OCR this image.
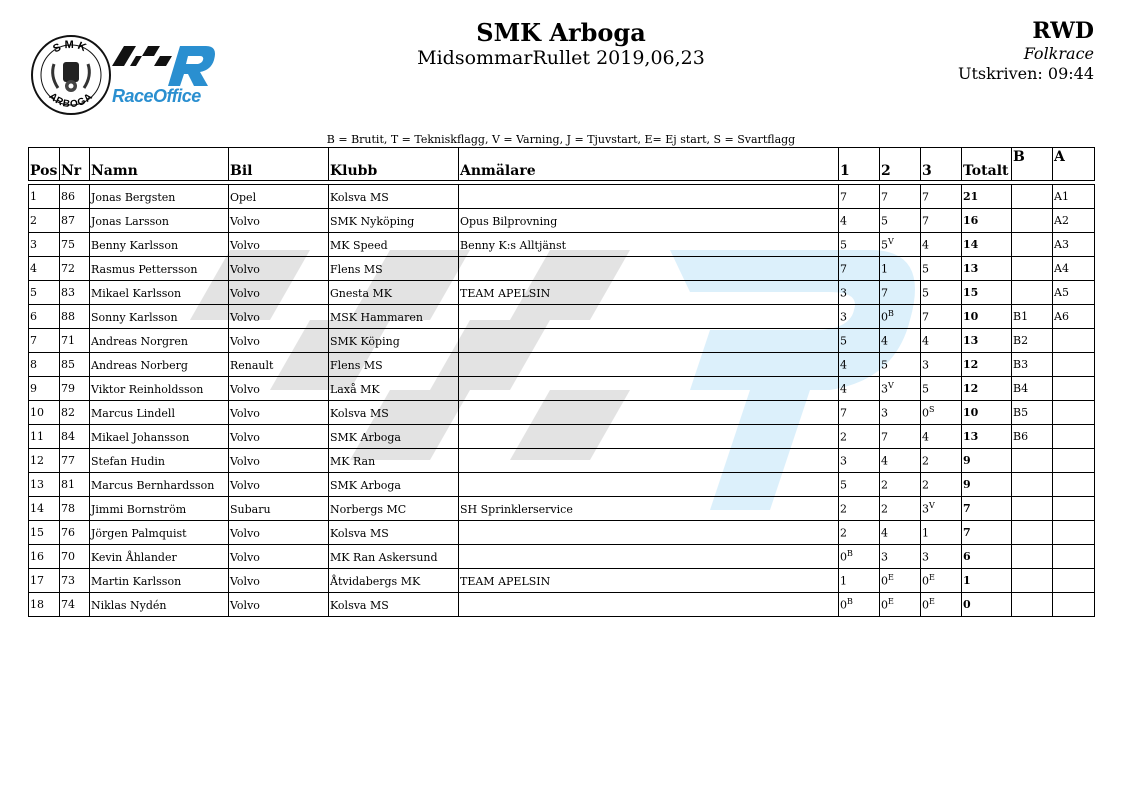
SMK
ARBOGA RaceOffice
SMK Arboga
MidsommarRullet 2019,06,23
RWD
Folkrace
Utskriven: 09:44
B = Brutit, T = Tekniskflagg, V = Varning, J = Tjuvstart, E= Ej start, S = Svartflagg
Pos	Nr	Namn	Bil	Klubb	Anmälare	1	2	3	Totalt	B	A

1	86	Jonas Bergsten	Opel	Kolsva MS		7	7	7	21		A1
2	87	Jonas Larsson	Volvo	SMK Nyköping	Opus Bilprovning	4	5	7	16		A2
3	75	Benny Karlsson	Volvo	MK Speed	Benny K:s Alltjänst	5	$5^V$	4	14		A3
4	72	Rasmus Pettersson	Volvo	Flens MS		7	1	5	13		A4
5	83	Mikael Karlsson	Volvo	Gnesta MK	TEAM APELSIN	3	7	5	15		A5
6	88	Sonny Karlsson	Volvo	MSK Hammaren		3	$0^B$	7	10	B1	A6
7	71	Andreas Norgren	Volvo	SMK Köping		5	4	4	13	B2	
8	85	Andreas Norberg	Renault	Flens MS		4	5	3	12	B3	
9	79	Viktor Reinholdsson	Volvo	Laxå MK		4	$3^V$	5	12	B4	
10	82	Marcus Lindell	Volvo	Kolsva MS		7	3	$0^S$	10	B5	
11	84	Mikael Johansson	Volvo	SMK Arboga		2	7	4	13	B6	
12	77	Stefan Hudin	Volvo	MK Ran		3	4	2	9		
13	81	Marcus Bernhardsson	Volvo	SMK Arboga		5	2	2	9		
14	78	Jimmi Bornström	Subaru	Norbergs MC	SH Sprinklerservice	2	2	$3^V$	7		
15	76	Jörgen Palmquist	Volvo	Kolsva MS		2	4	1	7		
16	70	Kevin Åhlander	Volvo	MK Ran Askersund		$0^B$	3	3	6		
17	73	Martin Karlsson	Volvo	Åtvidabergs MK	TEAM APELSIN	1	$0^E$	$0^E$	1		
18	74	Niklas Nydén	Volvo	Kolsva MS		$0^B$	$0^E$	$0^E$	0		
